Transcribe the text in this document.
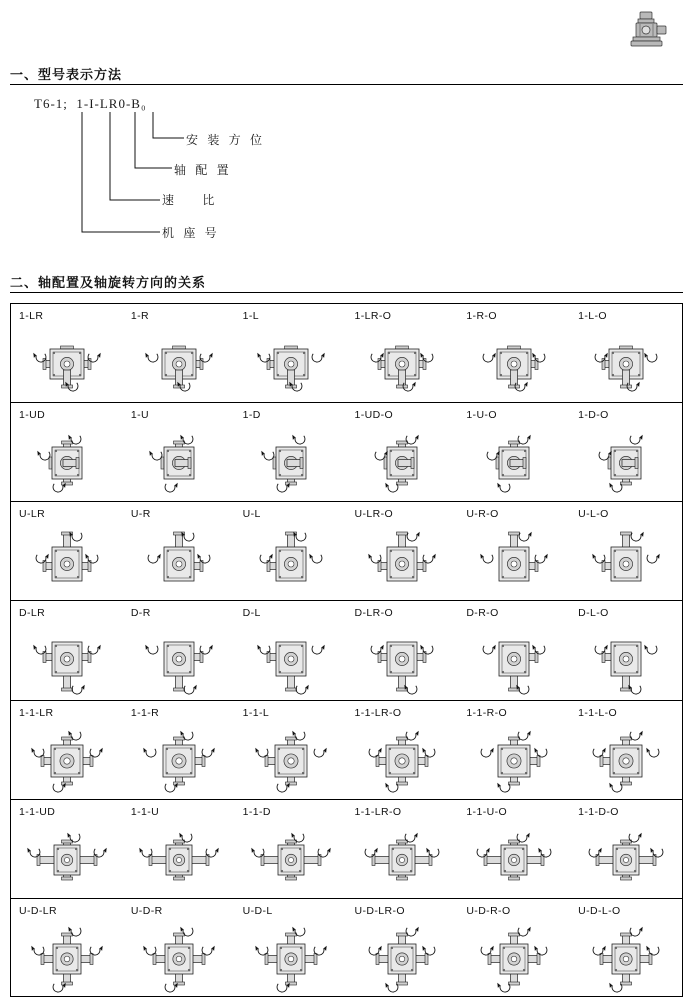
一、型号表示方法
T6-1;  1-I-LR0-B₀
安 装 方 位
轴 配 置
速    比
机 座 号
二、轴配置及轴旋转方向的关系
1-LR	1-R	1-L	1-LR-O	1-R-O	1-L-O
1-UD	1-U	1-D	1-UD-O	1-U-O	1-D-O
U-LR	U-R	U-L	U-LR-O	U-R-O	U-L-O
D-LR	D-R	D-L	D-LR-O	D-R-O	D-L-O
1-1-LR	1-1-R	1-1-L	1-1-LR-O	1-1-R-O	1-1-L-O
1-1-UD	1-1-U	1-1-D	1-1-LR-O	1-1-U-O	1-1-D-O
U-D-LR	U-D-R	U-D-L	U-D-LR-O	U-D-R-O	U-D-L-O
